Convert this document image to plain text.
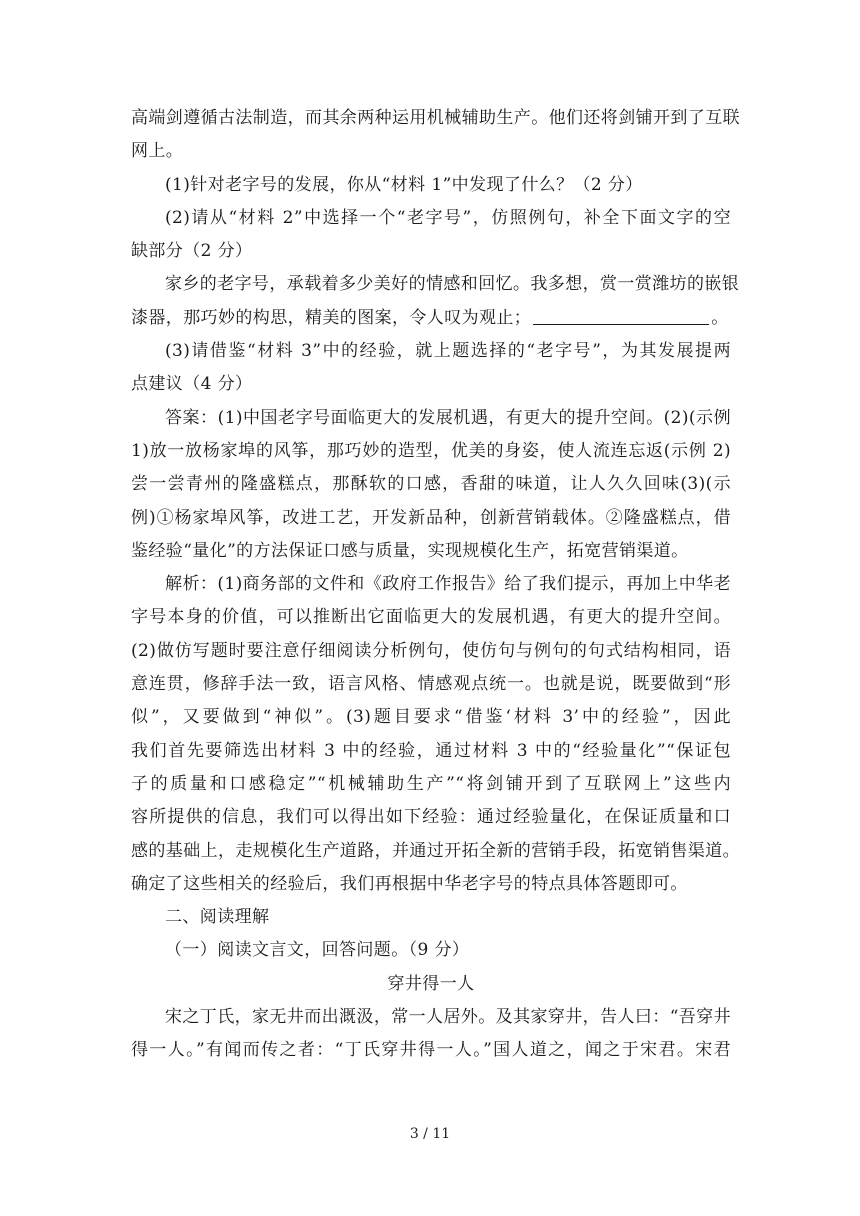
高端剑遵循古法制造，而其余两种运用机械辅助生产。他们还将剑铺开到了互联
网上。
(1)针对老字号的发展，你从“材料 1”中发现了什么？（2 分）
(2)请从“材料 2”中选择一个“老字号”，仿照例句，补全下面文字的空
缺部分（2 分）
家乡的老字号，承载着多少美好的情感和回忆。我多想，赏一赏潍坊的嵌银
漆器，那巧妙的构思，精美的图案，令人叹为观止；	。
(3)请借鉴“材料 3”中的经验，就上题选择的“老字号”，为其发展提两
点建议（4 分）
答案：(1)中国老字号面临更大的发展机遇，有更大的提升空间。(2)(示例
1)放一放杨家埠的风筝，那巧妙的造型，优美的身姿，使人流连忘返(示例 2)
尝一尝青州的隆盛糕点，那酥软的口感，香甜的味道，让人久久回味(3)(示
例)①杨家埠风筝，改进工艺，开发新品种，创新营销载体。②隆盛糕点，借
鉴经验“量化”的方法保证口感与质量，实现规模化生产，拓宽营销渠道。
解析：(1)商务部的文件和《政府工作报告》给了我们提示，再加上中华老
字号本身的价值，可以推断出它面临更大的发展机遇，有更大的提升空间。
(2)做仿写题时要注意仔细阅读分析例句，使仿句与例句的句式结构相同，语
意连贯，修辞手法一致，语言风格、情感观点统一。也就是说，既要做到“形
似”，又要做到“神似”。(3)题目要求“借鉴‘材料 3’中的经验”，因此
我们首先要筛选出材料 3 中的经验，通过材料 3 中的“经验量化”“保证包
子的质量和口感稳定”“机械辅助生产”“将剑铺开到了互联网上”这些内
容所提供的信息，我们可以得出如下经验：通过经验量化，在保证质量和口
感的基础上，走规模化生产道路，并通过开拓全新的营销手段，拓宽销售渠道。
确定了这些相关的经验后，我们再根据中华老字号的特点具体答题即可。
二、阅读理解
（一）阅读文言文，回答问题。（9 分）
穿井得一人
宋之丁氏，家无井而出溉汲，常一人居外。及其家穿井，告人曰：“吾穿井
得一人。”有闻而传之者：“丁氏穿井得一人。”国人道之，闻之于宋君。宋君
3 / 11
